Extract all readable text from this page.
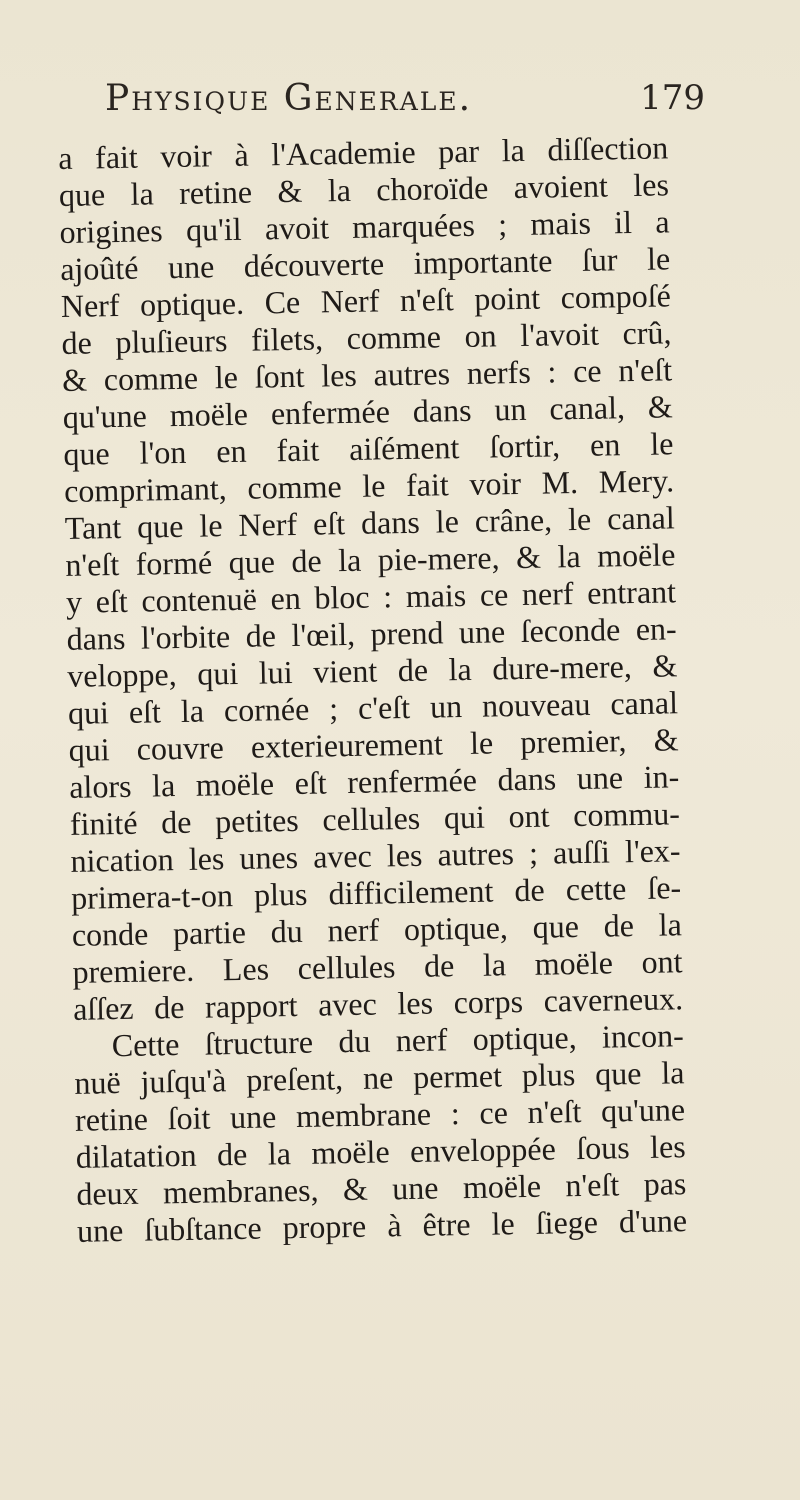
Physique Generale.	179
a fait voir à l'Academie par la diſſection
que la retine & la choroïde avoient les
origines qu'il avoit marquées ; mais il a
ajoûté une découverte importante ſur le
Nerf optique. Ce Nerf n'eſt point compoſé
de pluſieurs filets, comme on l'avoit crû,
& comme le ſont les autres nerfs : ce n'eſt
qu'une moële enfermée dans un canal, &
que l'on en fait aiſément ſortir, en le
comprimant, comme le fait voir M. Mery.
Tant que le Nerf eſt dans le crâne, le canal
n'eſt formé que de la pie-mere, & la moële
y eſt contenuë en bloc : mais ce nerf entrant
dans l'orbite de l'œil, prend une ſeconde en-
veloppe, qui lui vient de la dure-mere, &
qui eſt la cornée ; c'eſt un nouveau canal
qui couvre exterieurement le premier, &
alors la moële eſt renfermée dans une in-
finité de petites cellules qui ont commu-
nication les unes avec les autres ; auſſi l'ex-
primera-t-on plus difficilement de cette ſe-
conde partie du nerf optique, que de la
premiere. Les cellules de la moële ont
aſſez de rapport avec les corps caverneux.
Cette ſtructure du nerf optique, incon-
nuë juſqu'à preſent, ne permet plus que la
retine ſoit une membrane : ce n'eſt qu'une
dilatation de la moële enveloppée ſous les
deux membranes, & une moële n'eſt pas
une ſubſtance propre à être le ſiege d'une
